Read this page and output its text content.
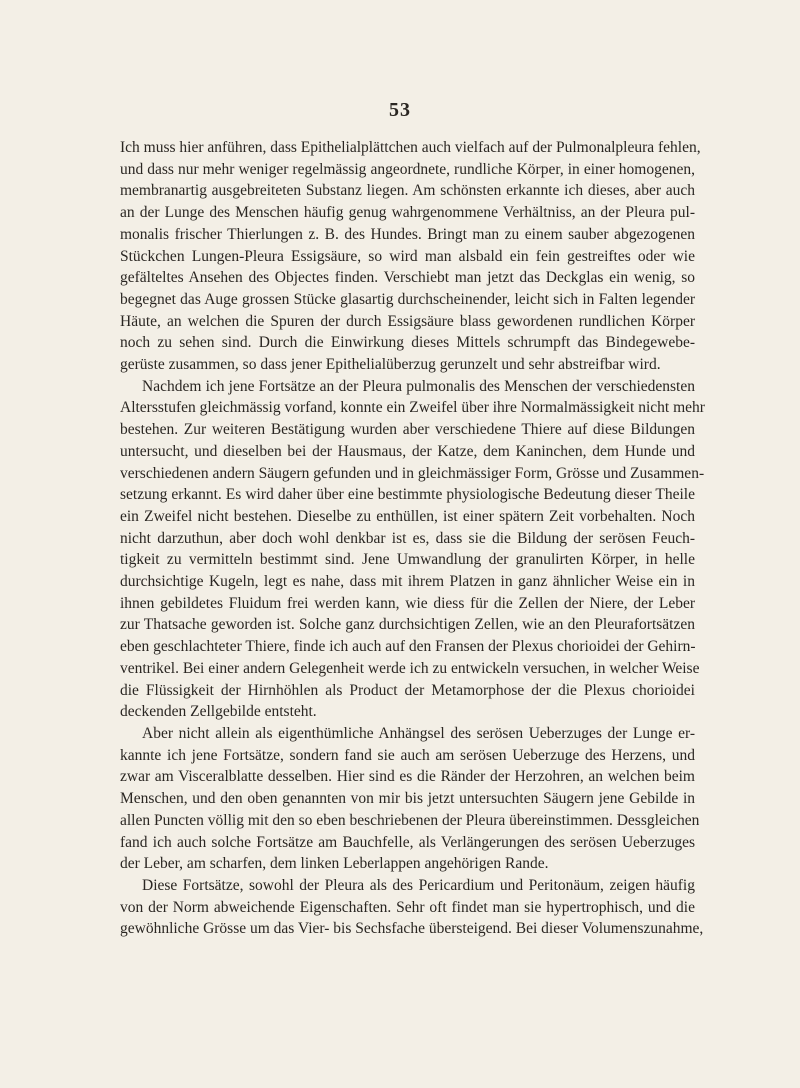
53
Ich muss hier anführen, dass Epithelialplättchen auch vielfach auf der Pulmonalpleura fehlen,
und dass nur mehr weniger regelmässig angeordnete, rundliche Körper, in einer homogenen,
membranartig ausgebreiteten Substanz liegen. Am schönsten erkannte ich dieses, aber auch
an der Lunge des Menschen häufig genug wahrgenommene Verhältniss, an der Pleura pul-
monalis frischer Thierlungen z. B. des Hundes. Bringt man zu einem sauber abgezogenen
Stückchen Lungen-Pleura Essigsäure, so wird man alsbald ein fein gestreiftes oder wie
gefälteltes Ansehen des Objectes finden. Verschiebt man jetzt das Deckglas ein wenig, so
begegnet das Auge grossen Stücke glasartig durchscheinender, leicht sich in Falten legender
Häute, an welchen die Spuren der durch Essigsäure blass gewordenen rundlichen Körper
noch zu sehen sind. Durch die Einwirkung dieses Mittels schrumpft das Bindegewebe-
gerüste zusammen, so dass jener Epithelialüberzug gerunzelt und sehr abstreifbar wird.
Nachdem ich jene Fortsätze an der Pleura pulmonalis des Menschen der verschiedensten
Altersstufen gleichmässig vorfand, konnte ein Zweifel über ihre Normalmässigkeit nicht mehr
bestehen. Zur weiteren Bestätigung wurden aber verschiedene Thiere auf diese Bildungen
untersucht, und dieselben bei der Hausmaus, der Katze, dem Kaninchen, dem Hunde und
verschiedenen andern Säugern gefunden und in gleichmässiger Form, Grösse und Zusammen-
setzung erkannt. Es wird daher über eine bestimmte physiologische Bedeutung dieser Theile
ein Zweifel nicht bestehen. Dieselbe zu enthüllen, ist einer spätern Zeit vorbehalten. Noch
nicht darzuthun, aber doch wohl denkbar ist es, dass sie die Bildung der serösen Feuch-
tigkeit zu vermitteln bestimmt sind. Jene Umwandlung der granulirten Körper, in helle
durchsichtige Kugeln, legt es nahe, dass mit ihrem Platzen in ganz ähnlicher Weise ein in
ihnen gebildetes Fluidum frei werden kann, wie diess für die Zellen der Niere, der Leber
zur Thatsache geworden ist. Solche ganz durchsichtigen Zellen, wie an den Pleurafortsätzen
eben geschlachteter Thiere, finde ich auch auf den Fransen der Plexus chorioidei der Gehirn-
ventrikel. Bei einer andern Gelegenheit werde ich zu entwickeln versuchen, in welcher Weise
die Flüssigkeit der Hirnhöhlen als Product der Metamorphose der die Plexus chorioidei
deckenden Zellgebilde entsteht.
Aber nicht allein als eigenthümliche Anhängsel des serösen Ueberzuges der Lunge er-
kannte ich jene Fortsätze, sondern fand sie auch am serösen Ueberzuge des Herzens, und
zwar am Visceralblatte desselben. Hier sind es die Ränder der Herzohren, an welchen beim
Menschen, und den oben genannten von mir bis jetzt untersuchten Säugern jene Gebilde in
allen Puncten völlig mit den so eben beschriebenen der Pleura übereinstimmen. Dessgleichen
fand ich auch solche Fortsätze am Bauchfelle, als Verlängerungen des serösen Ueberzuges
der Leber, am scharfen, dem linken Leberlappen angehörigen Rande.
Diese Fortsätze, sowohl der Pleura als des Pericardium und Peritonäum, zeigen häufig
von der Norm abweichende Eigenschaften. Sehr oft findet man sie hypertrophisch, und die
gewöhnliche Grösse um das Vier- bis Sechsfache übersteigend. Bei dieser Volumenszunahme,
